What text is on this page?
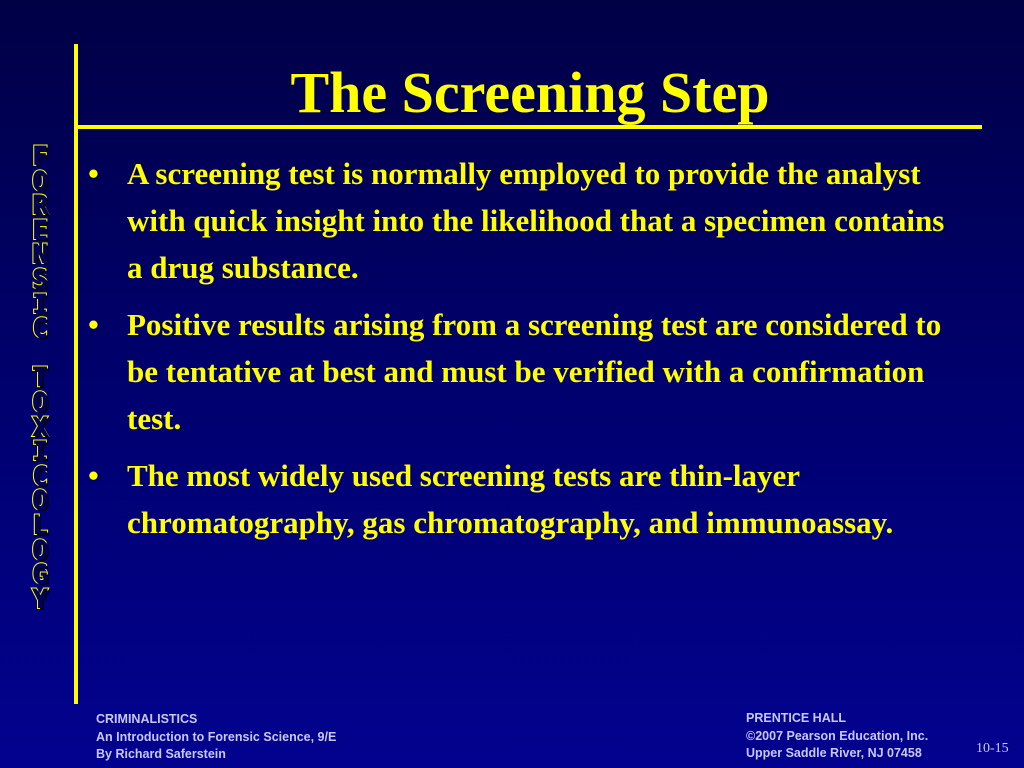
F
O
R
E
N
S
I
C
T
O
X
I
C
O
L
O
G
Y
The Screening Step
• A screening test is normally employed to provide the analyst with quick insight into the likelihood that a specimen contains a drug substance.
• Positive results arising from a screening test are considered to be tentative at best and must be verified with a confirmation test.
• The most widely used screening tests are thin-layer chromatography, gas chromatography, and immunoassay.
CRIMINALISTICS
An Introduction to Forensic Science, 9/E
By Richard Saferstein
PRENTICE HALL
©2007 Pearson Education, Inc.
Upper Saddle River, NJ 07458	10-15
